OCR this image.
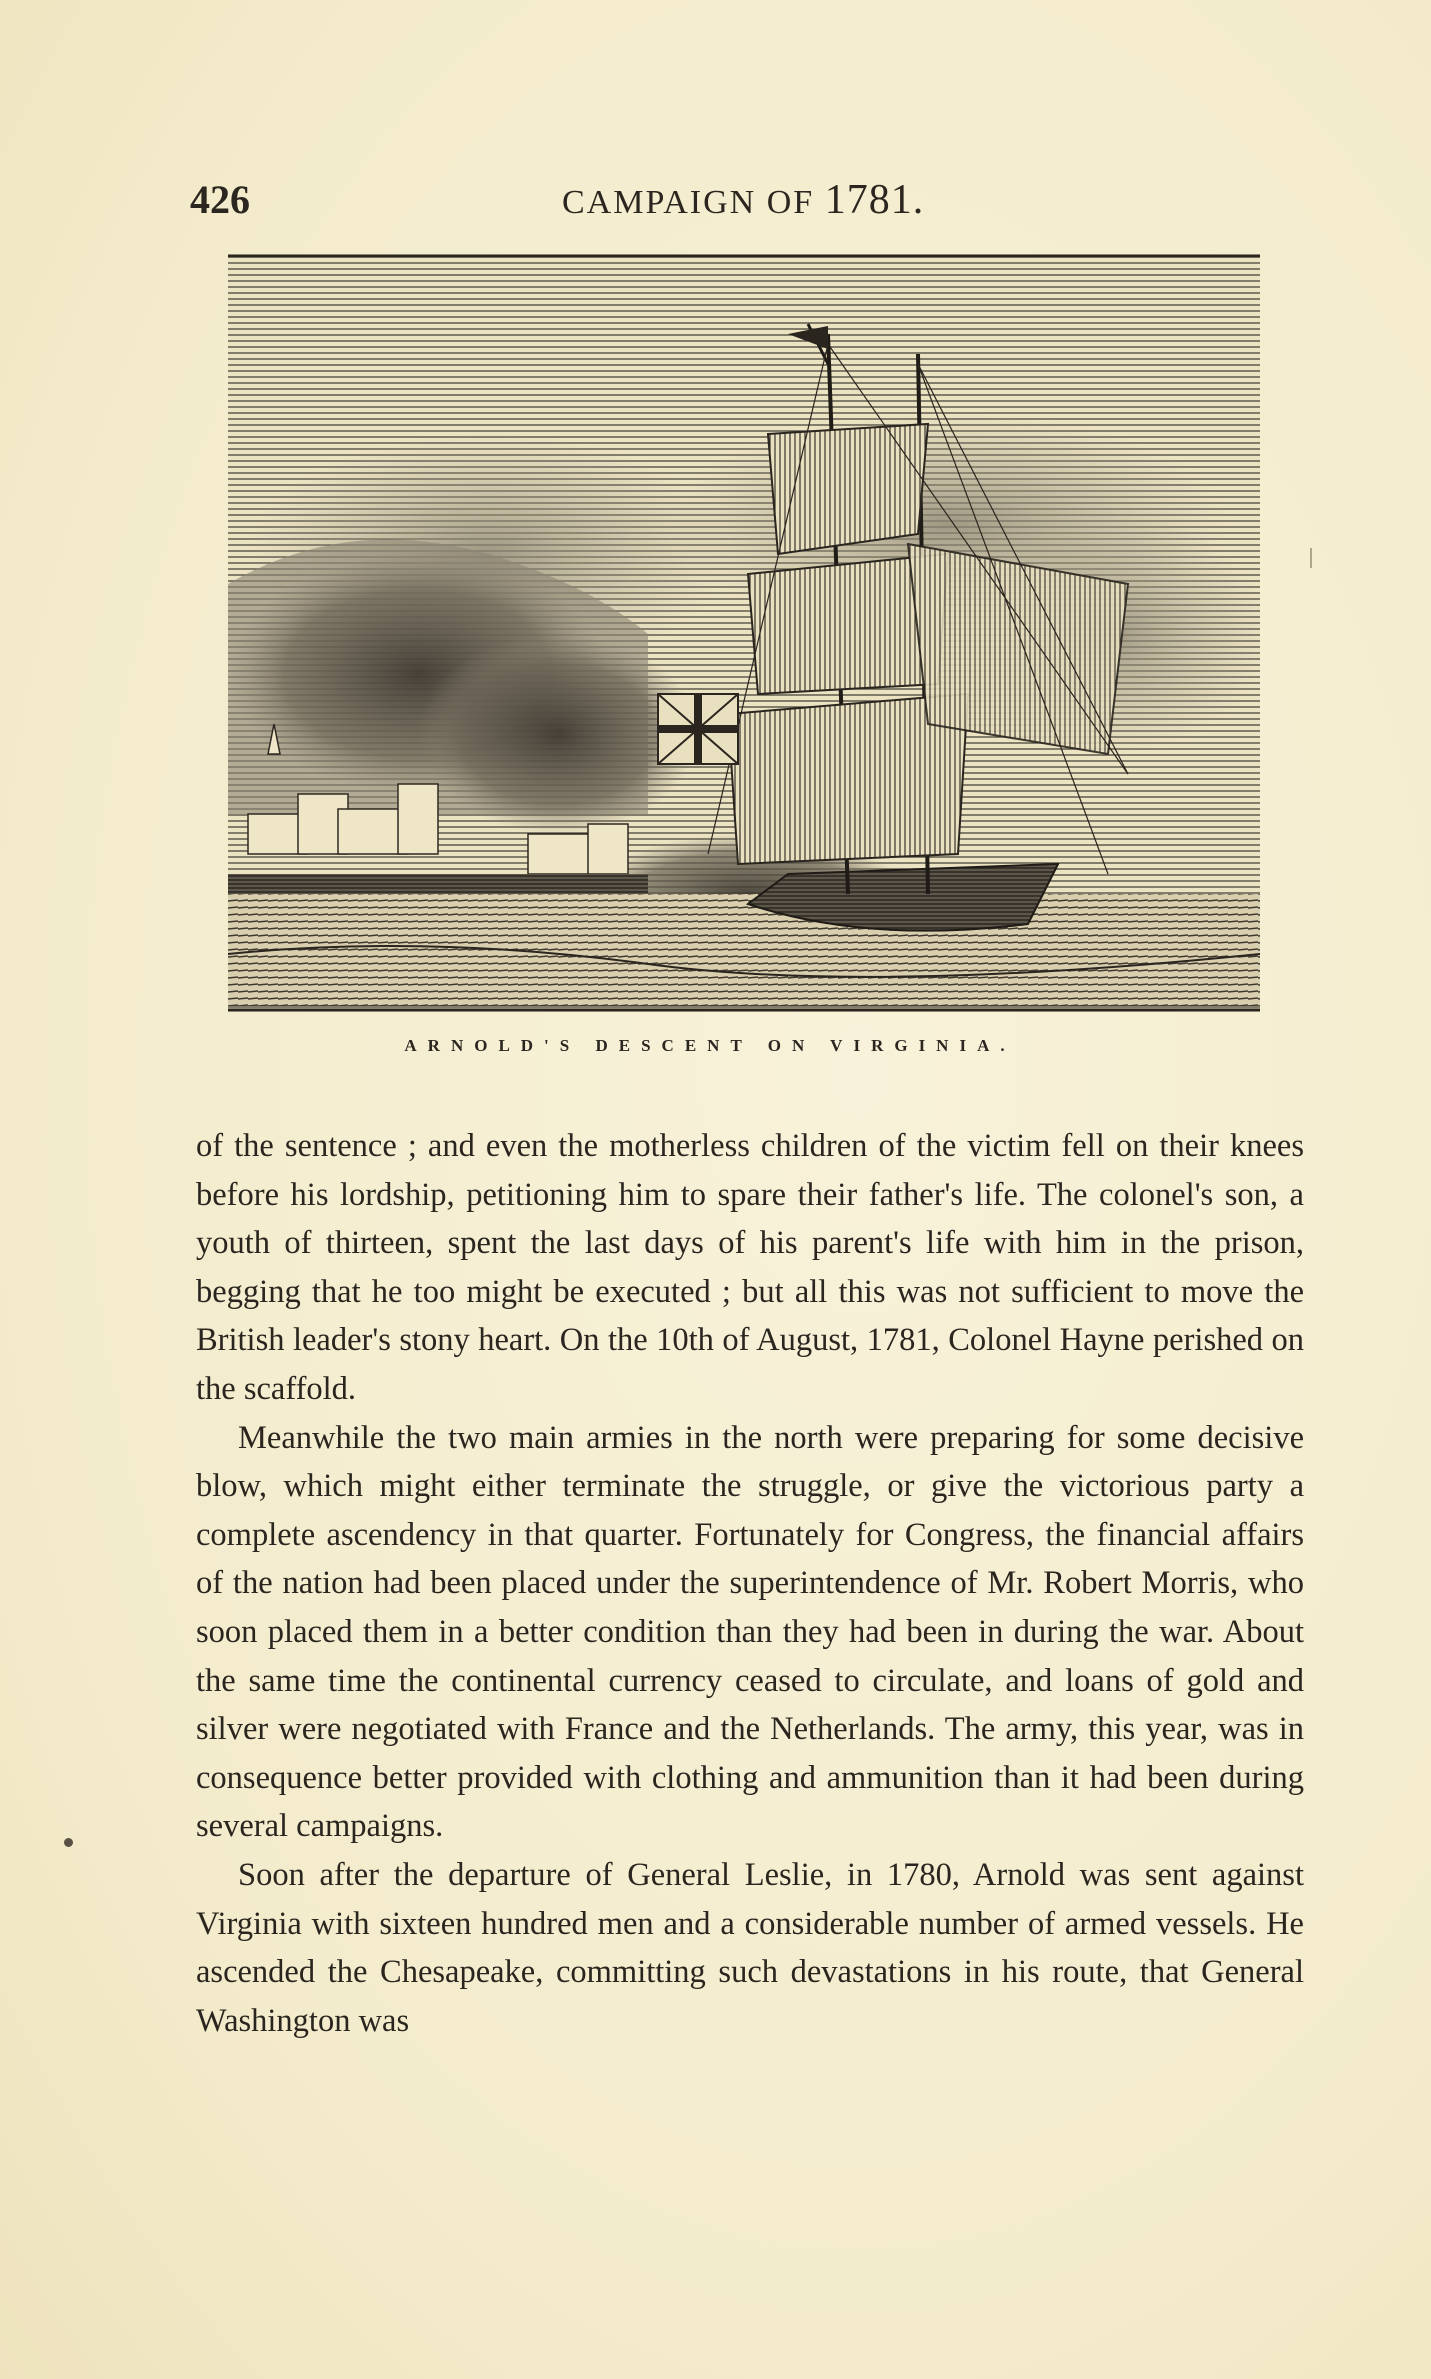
426	CAMPAIGN OF 1781.
ARNOLD'S DESCENT ON VIRGINIA.

of the sentence ; and even the motherless children of the victim fell on their knees before his lordship, petitioning him to spare their father's life. The colonel's son, a youth of thirteen, spent the last days of his parent's life with him in the prison, begging that he too might be executed ; but all this was not sufficient to move the British leader's stony heart. On the 10th of August, 1781, Colonel Hayne perished on the scaffold.

Meanwhile the two main armies in the north were preparing for some decisive blow, which might either terminate the struggle, or give the victorious party a complete ascendency in that quarter. Fortunately for Congress, the financial affairs of the nation had been placed under the superintendence of Mr. Robert Morris, who soon placed them in a better condition than they had been in during the war. About the same time the continental currency ceased to circulate, and loans of gold and silver were negotiated with France and the Netherlands. The army, this year, was in consequence better provided with clothing and ammunition than it had been during several campaigns.

Soon after the departure of General Leslie, in 1780, Arnold was sent against Virginia with sixteen hundred men and a considerable number of armed vessels. He ascended the Chesapeake, committing such devastations in his route, that General Washington was
